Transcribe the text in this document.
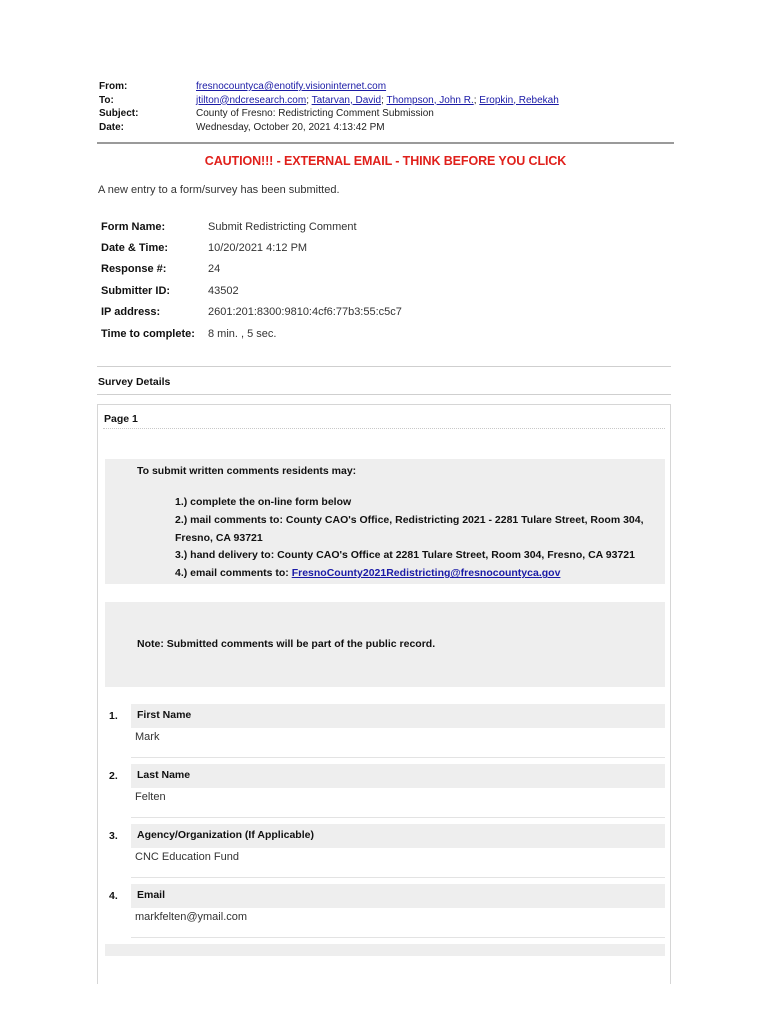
From:	fresnocountyca@enotify.visioninternet.com
To:	jtilton@ndcresearch.com; Tatarvan, David; Thompson, John R.; Eropkin, Rebekah
Subject:	County of Fresno: Redistricting Comment Submission
Date:	Wednesday, October 20, 2021 4:13:42 PM
CAUTION!!! - EXTERNAL EMAIL - THINK BEFORE YOU CLICK
A new entry to a form/survey has been submitted.
Form Name:	Submit Redistricting Comment
Date & Time:	10/20/2021 4:12 PM
Response #:	24
Submitter ID:	43502
IP address:	2601:201:8300:9810:4cf6:77b3:55:c5c7
Time to complete:	8 min. , 5 sec.
Survey Details
Page 1
To submit written comments residents may:
1.) complete the on-line form below
2.) mail comments to: County CAO's Office, Redistricting 2021 - 2281 Tulare Street, Room 304,
Fresno, CA 93721
3.) hand delivery to: County CAO's Office at 2281 Tulare Street, Room 304, Fresno, CA 93721
4.) email comments to: FresnoCounty2021Redistricting@fresnocountyca.gov
Note: Submitted comments will be part of the public record.
1. First Name
Mark
2. Last Name
Felten
3. Agency/Organization (If Applicable)
CNC Education Fund
4. Email
markfelten@ymail.com
